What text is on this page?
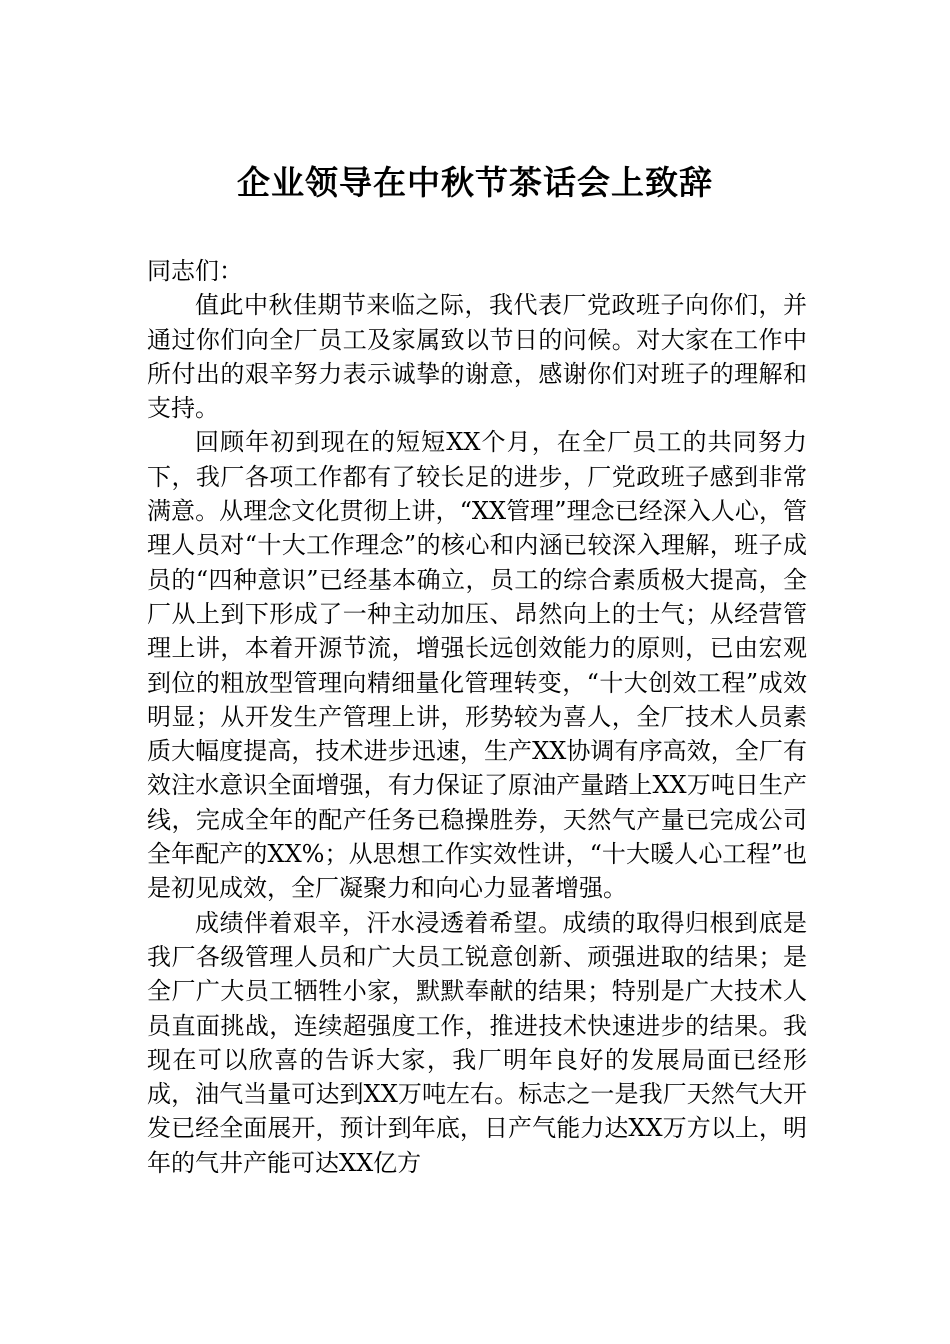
企业领导在中秋节茶话会上致辞

同志们：

值此中秋佳期节来临之际，我代表厂党政班子向你们，并通过你们向全厂员工及家属致以节日的问候。对大家在工作中所付出的艰辛努力表示诚挚的谢意，感谢你们对班子的理解和支持。

回顾年初到现在的短短XX个月，在全厂员工的共同努力下，我厂各项工作都有了较长足的进步，厂党政班子感到非常满意。从理念文化贯彻上讲，“XX管理”理念已经深入人心，管理人员对“十大工作理念”的核心和内涵已较深入理解，班子成员的“四种意识”已经基本确立，员工的综合素质极大提高，全厂从上到下形成了一种主动加压、昂然向上的士气；从经营管理上讲，本着开源节流，增强长远创效能力的原则，已由宏观到位的粗放型管理向精细量化管理转变，“十大创效工程”成效明显；从开发生产管理上讲，形势较为喜人，全厂技术人员素质大幅度提高，技术进步迅速，生产XX协调有序高效，全厂有效注水意识全面增强，有力保证了原油产量踏上XX万吨日生产线，完成全年的配产任务已稳操胜券，天然气产量已完成公司全年配产的XX%；从思想工作实效性讲，“十大暖人心工程”也是初见成效，全厂凝聚力和向心力显著增强。

成绩伴着艰辛，汗水浸透着希望。成绩的取得归根到底是我厂各级管理人员和广大员工锐意创新、顽强进取的结果；是全厂广大员工牺牲小家，默默奉献的结果；特别是广大技术人员直面挑战，连续超强度工作，推进技术快速进步的结果。我现在可以欣喜的告诉大家，我厂明年良好的发展局面已经形成，油气当量可达到XX万吨左右。标志之一是我厂天然气大开发已经全面展开，预计到年底，日产气能力达XX万方以上，明年的气井产能可达XX亿方
